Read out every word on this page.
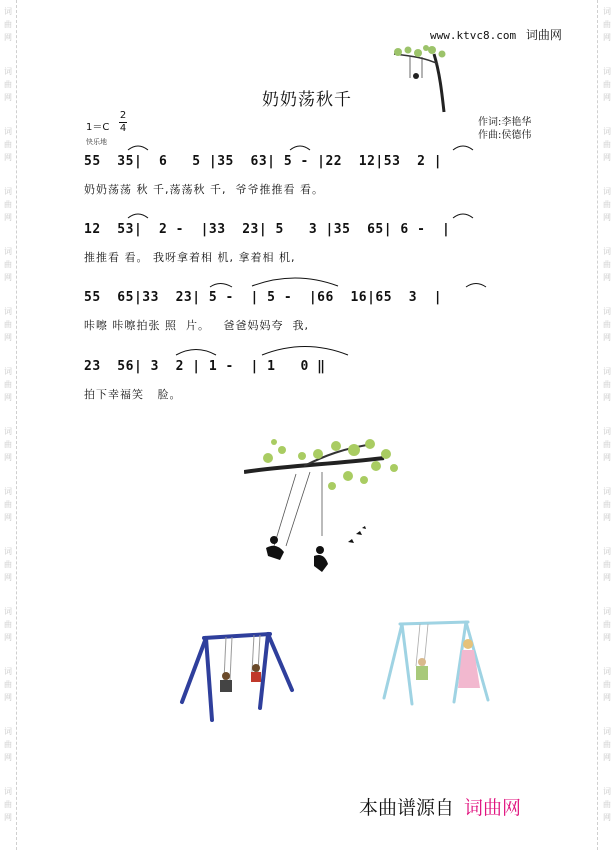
词
曲
网
词
曲
网
词
曲
网
词
曲
网
词
曲
网
词
曲
网
词
曲
网
词
曲
网
词
曲
网
词
曲
网
词
曲
网
词
曲
网
词
曲
网
词
曲
网
词
曲
网
词
曲
网
词
曲
网
词
曲
网
词
曲
网
词
曲
网
词
曲
网
词
曲
网
词
曲
网
词
曲
网
词
曲
网
词
曲
网
词
曲
网
词
曲
网
www.ktvc8.com 词曲网
奶奶荡秋千
1＝C
2
4
快乐地
作词:李艳华
作曲:侯德伟
55  35|  6   5 |35  63| 5 - |22  12|53  2 |
奶奶荡荡 秋 千,荡荡秋 千,  爷爷推推看 看。
12  53|  2 -  |33  23| 5   3 |35  65| 6 -  |
推推看 看。 我呀拿着相 机, 拿着相 机,
55  65|33  23| 5 -  | 5 -  |66  16|65  3  |
咔嚓 咔嚓拍张 照  片。   爸爸妈妈夸  我,
23  56| 3  2 | 1 -  | 1   0 ‖
拍下幸福笑   脸。
本曲谱源自 词曲网
